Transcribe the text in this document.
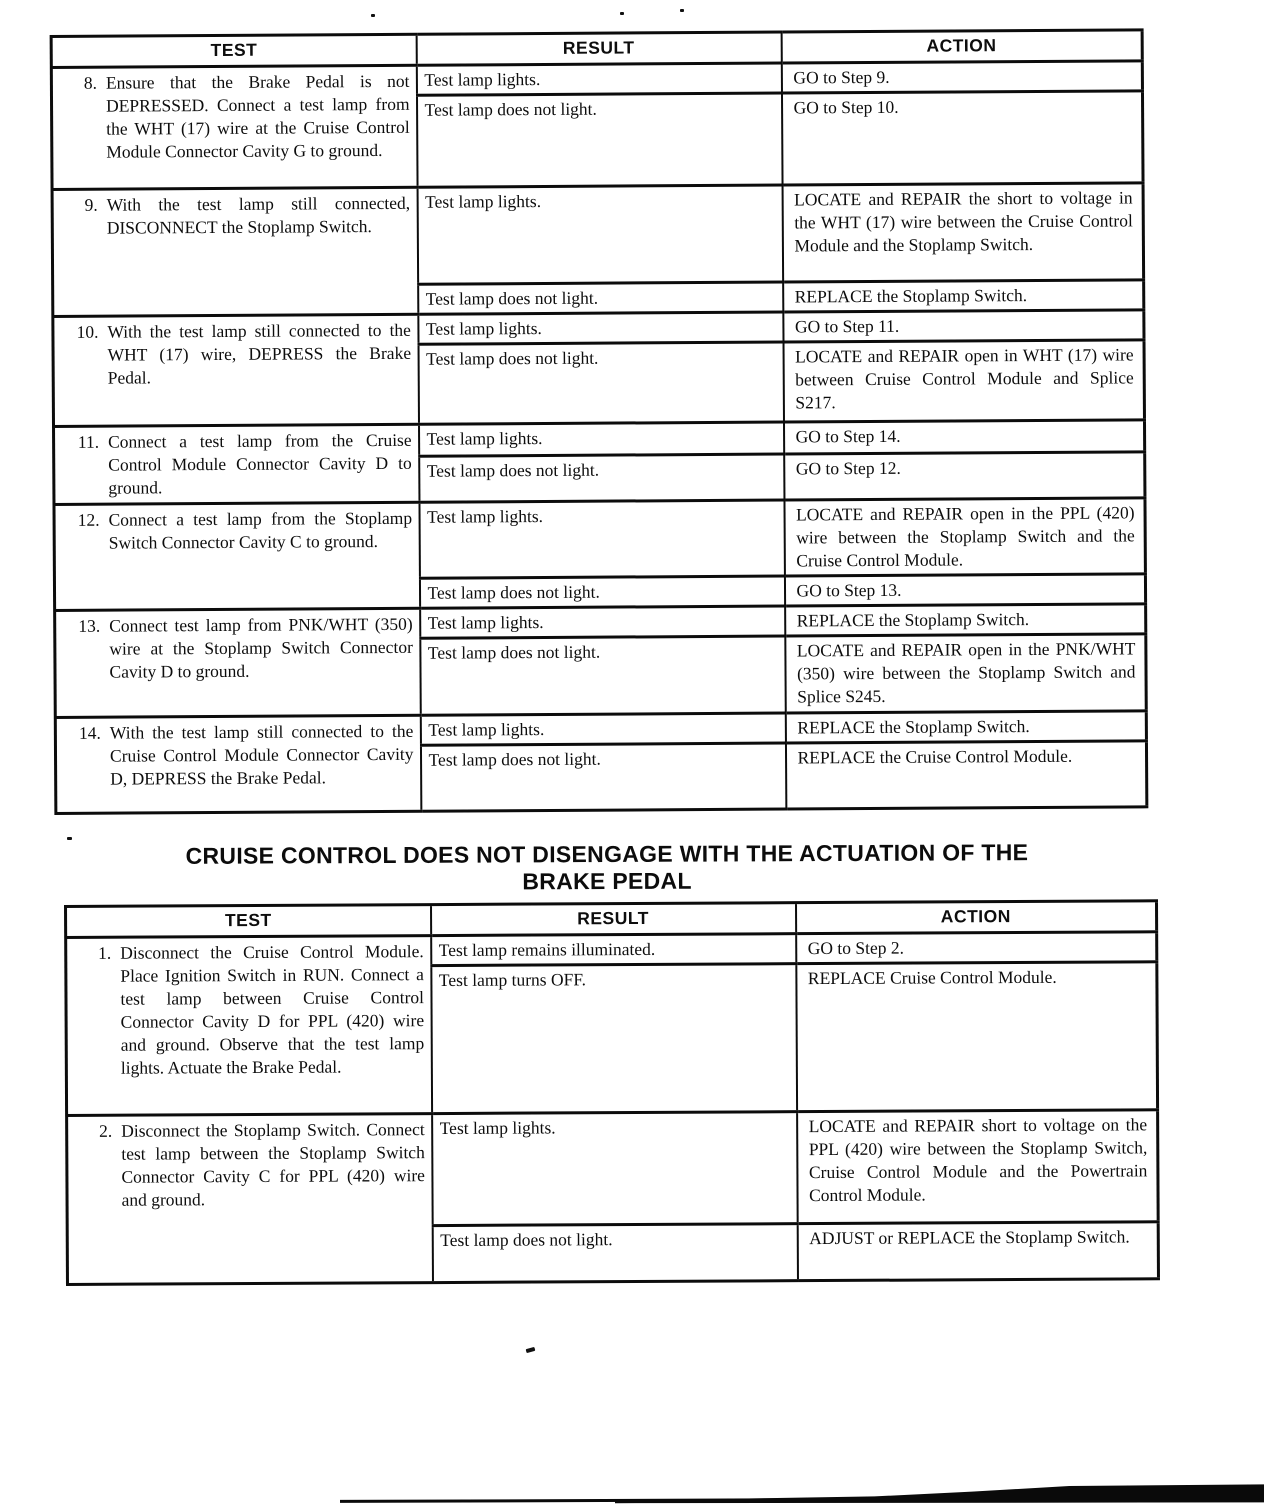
TEST	RESULT	ACTION

8. Ensure that the Brake Pedal is not DEPRESSED. Connect a test lamp from the WHT (17) wire at the Cruise Control Module Connector Cavity G to ground.	Test lamp lights.	GO to Step 9.
	Test lamp does not light.	GO to Step 10.

9. With the test lamp still connected, DISCONNECT the Stoplamp Switch.	Test lamp lights.	LOCATE and REPAIR the short to voltage in the WHT (17) wire between the Cruise Control Module and the Stoplamp Switch.
	Test lamp does not light.	REPLACE the Stoplamp Switch.

10. With the test lamp still connected to the WHT (17) wire, DEPRESS the Brake Pedal.	Test lamp lights.	GO to Step 11.
	Test lamp does not light.	LOCATE and REPAIR open in WHT (17) wire between Cruise Control Module and Splice S217.

11. Connect a test lamp from the Cruise Control Module Connector Cavity D to ground.	Test lamp lights.	GO to Step 14.
	Test lamp does not light.	GO to Step 12.

12. Connect a test lamp from the Stoplamp Switch Connector Cavity C to ground.	Test lamp lights.	LOCATE and REPAIR open in the PPL (420) wire between the Stoplamp Switch and the Cruise Control Module.
	Test lamp does not light.	GO to Step 13.

13. Connect test lamp from PNK/WHT (350) wire at the Stoplamp Switch Connector Cavity D to ground.	Test lamp lights.	REPLACE the Stoplamp Switch.
	Test lamp does not light.	LOCATE and REPAIR open in the PNK/WHT (350) wire between the Stoplamp Switch and Splice S245.

14. With the test lamp still connected to the Cruise Control Module Connector Cavity D, DEPRESS the Brake Pedal.	Test lamp lights.	REPLACE the Stoplamp Switch.
	Test lamp does not light.	REPLACE the Cruise Control Module.
CRUISE CONTROL DOES NOT DISENGAGE WITH THE ACTUATION OF THE
BRAKE PEDAL
TEST	RESULT	ACTION

1. Disconnect the Cruise Control Module. Place Ignition Switch in RUN. Connect a test lamp between Cruise Control Connector Cavity D for PPL (420) wire and ground. Observe that the test lamp lights. Actuate the Brake Pedal.	Test lamp remains illuminated.	GO to Step 2.
	Test lamp turns OFF.	REPLACE Cruise Control Module.

2. Disconnect the Stoplamp Switch. Connect test lamp between the Stoplamp Switch Connector Cavity C for PPL (420) wire and ground.	Test lamp lights.	LOCATE and REPAIR short to voltage on the PPL (420) wire between the Stoplamp Switch, Cruise Control Module and the Powertrain Control Module.
	Test lamp does not light.	ADJUST or REPLACE the Stoplamp Switch.
